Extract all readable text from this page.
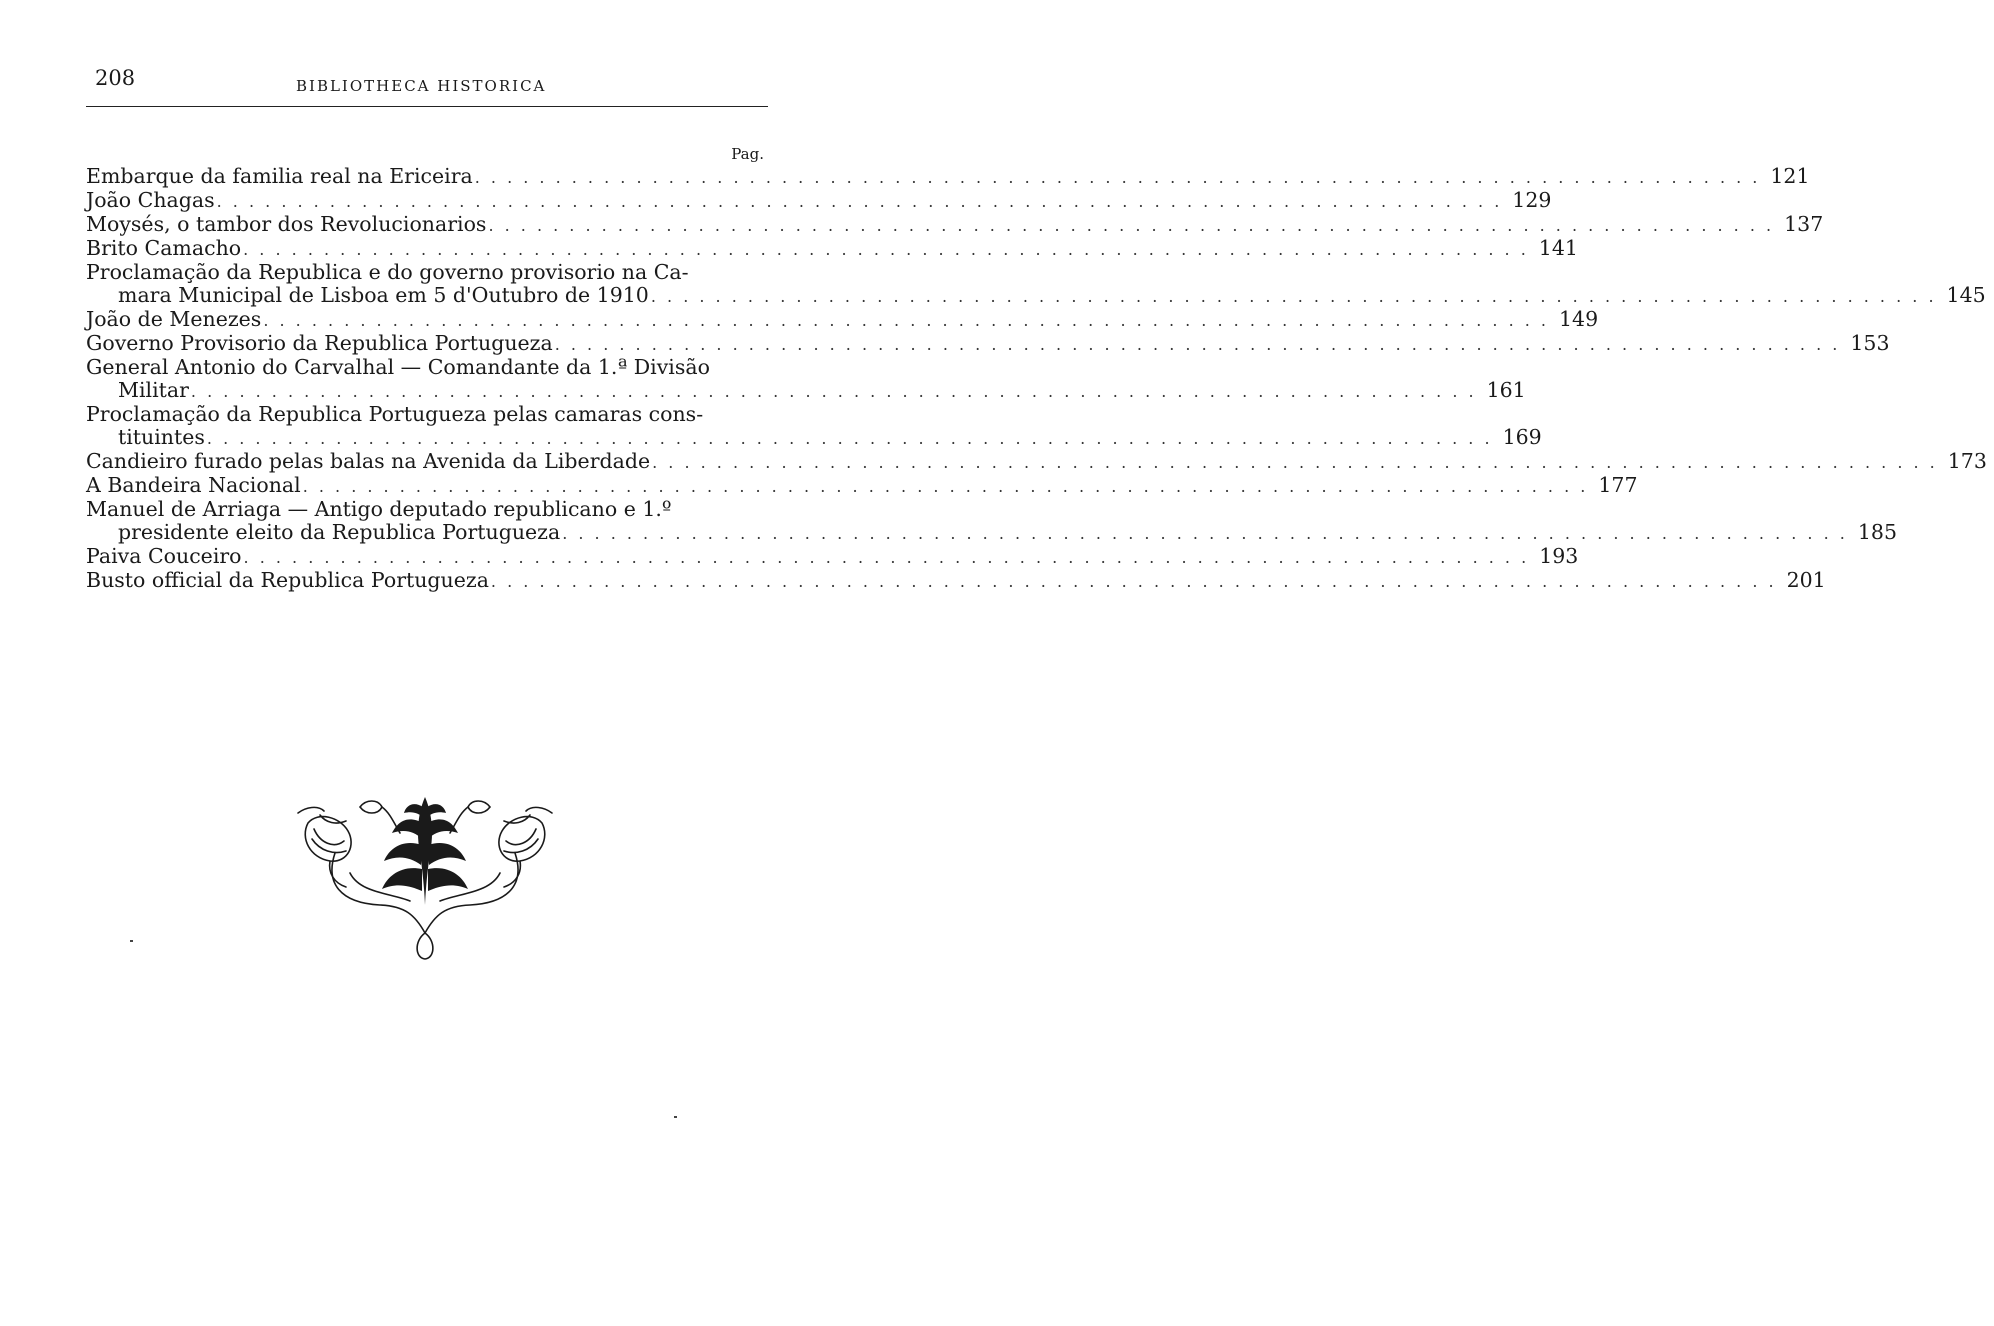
208	BIBLIOTHECA HISTORICA
Pag.
Embarque da familia real na Ericeira . . . . . . . . . . . . . . . . . . . . . . . . . . . . . . . . . . . . . . . . . . . . . . . . . . . . . . . . . . . . . . . . . . . . . . . . . . . . . . . . 121
João Chagas . . . . . . . . . . . . . . . . . . . . . . . . . . . . . . . . . . . . . . . . . . . . . . . . . . . . . . . . . . . . . . . . . . . . . . . . . . . . . . . . 129
Moysés, o tambor dos Revolucionarios . . . . . . . . . . . . . . . . . . . . . . . . . . . . . . . . . . . . . . . . . . . . . . . . . . . . . . . . . . . . . . . . . . . . . . . . . . . . . . . . 137
Brito Camacho . . . . . . . . . . . . . . . . . . . . . . . . . . . . . . . . . . . . . . . . . . . . . . . . . . . . . . . . . . . . . . . . . . . . . . . . . . . . . . . . 141
Proclamação da Republica e do governo provisorio na Ca-
mara Municipal de Lisboa em 5 d'Outubro de 1910 . . . . . . . . . . . . . . . . . . . . . . . . . . . . . . . . . . . . . . . . . . . . . . . . . . . . . . . . . . . . . . . . . . . . . . . . . . . . . . . . 145
João de Menezes . . . . . . . . . . . . . . . . . . . . . . . . . . . . . . . . . . . . . . . . . . . . . . . . . . . . . . . . . . . . . . . . . . . . . . . . . . . . . . . . 149
Governo Provisorio da Republica Portugueza . . . . . . . . . . . . . . . . . . . . . . . . . . . . . . . . . . . . . . . . . . . . . . . . . . . . . . . . . . . . . . . . . . . . . . . . . . . . . . . . 153
General Antonio do Carvalhal — Comandante da 1.ª Divisão
Militar . . . . . . . . . . . . . . . . . . . . . . . . . . . . . . . . . . . . . . . . . . . . . . . . . . . . . . . . . . . . . . . . . . . . . . . . . . . . . . . . 161
Proclamação da Republica Portugueza pelas camaras cons-
tituintes . . . . . . . . . . . . . . . . . . . . . . . . . . . . . . . . . . . . . . . . . . . . . . . . . . . . . . . . . . . . . . . . . . . . . . . . . . . . . . . . 169
Candieiro furado pelas balas na Avenida da Liberdade . . . . . . . . . . . . . . . . . . . . . . . . . . . . . . . . . . . . . . . . . . . . . . . . . . . . . . . . . . . . . . . . . . . . . . . . . . . . . . . . 173
A Bandeira Nacional . . . . . . . . . . . . . . . . . . . . . . . . . . . . . . . . . . . . . . . . . . . . . . . . . . . . . . . . . . . . . . . . . . . . . . . . . . . . . . . . 177
Manuel de Arriaga — Antigo deputado republicano e 1.º
presidente eleito da Republica Portugueza . . . . . . . . . . . . . . . . . . . . . . . . . . . . . . . . . . . . . . . . . . . . . . . . . . . . . . . . . . . . . . . . . . . . . . . . . . . . . . . . 185
Paiva Couceiro . . . . . . . . . . . . . . . . . . . . . . . . . . . . . . . . . . . . . . . . . . . . . . . . . . . . . . . . . . . . . . . . . . . . . . . . . . . . . . . . 193
Busto official da Republica Portugueza . . . . . . . . . . . . . . . . . . . . . . . . . . . . . . . . . . . . . . . . . . . . . . . . . . . . . . . . . . . . . . . . . . . . . . . . . . . . . . . . 201
